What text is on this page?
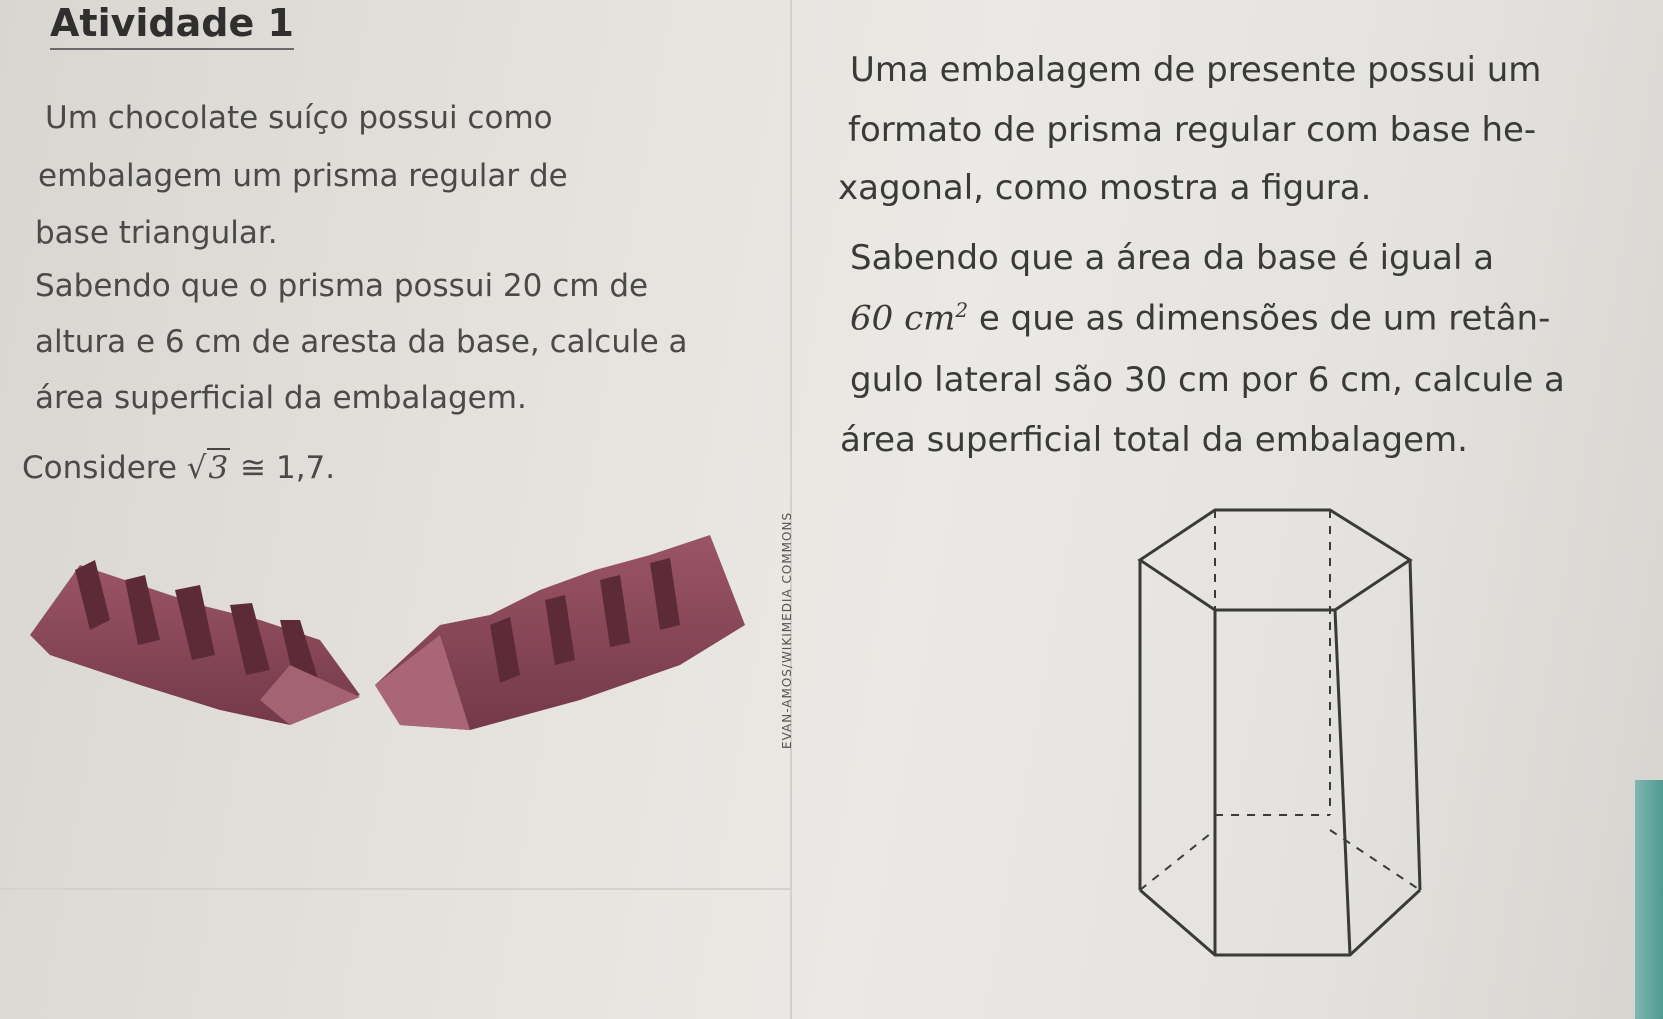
Atividade 1
Um chocolate suíço possui como
embalagem um prisma regular de
base triangular.
Sabendo que o prisma possui 20 cm de
altura e 6 cm de aresta da base, calcule a
área superficial da embalagem.
Considere √3 ≅ 1,7.
EVAN-AMOS/WIKIMEDIA COMMONS
Uma embalagem de presente possui um
formato de prisma regular com base he-
xagonal, como mostra a figura.
Sabendo que a área da base é igual a
60 $cm^2$ e que as dimensões de um retân-
gulo lateral são 30 cm por 6 cm, calcule a
área superficial total da embalagem.
